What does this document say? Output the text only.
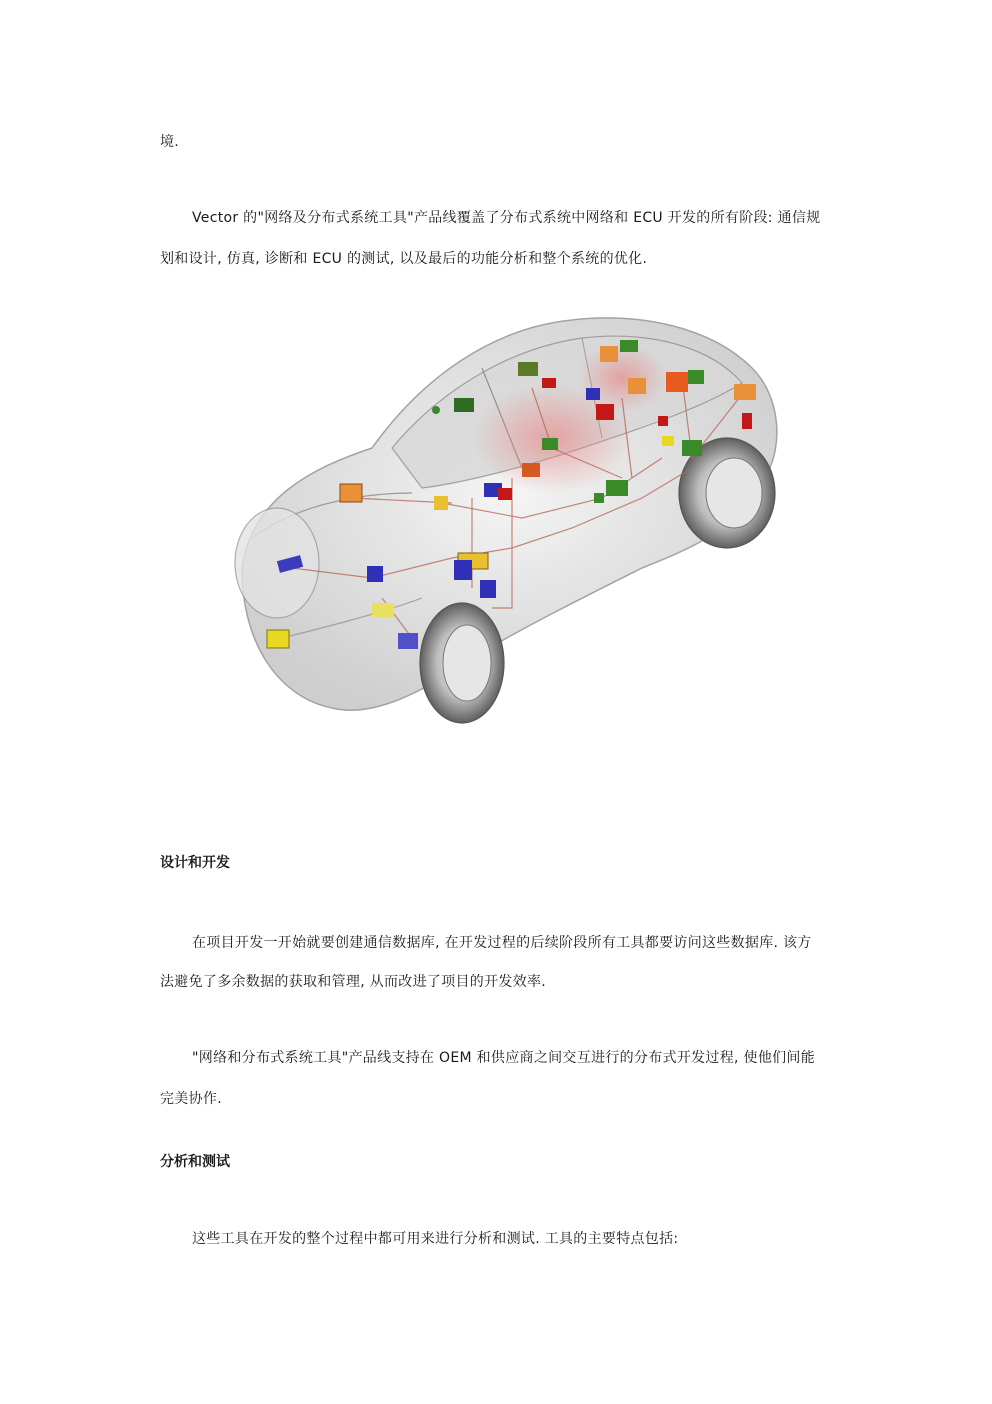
境.
Vector 的"网络及分布式系统工具"产品线覆盖了分布式系统中网络和 ECU 开发的所有阶段: 通信规
划和设计, 仿真, 诊断和 ECU 的测试, 以及最后的功能分析和整个系统的优化.
设计和开发
在项目开发一开始就要创建通信数据库, 在开发过程的后续阶段所有工具都要访问这些数据库. 该方
法避免了多余数据的获取和管理, 从而改进了项目的开发效率.
"网络和分布式系统工具"产品线支持在 OEM 和供应商之间交互进行的分布式开发过程, 使他们间能
完美协作.
分析和测试
这些工具在开发的整个过程中都可用来进行分析和测试. 工具的主要特点包括:
